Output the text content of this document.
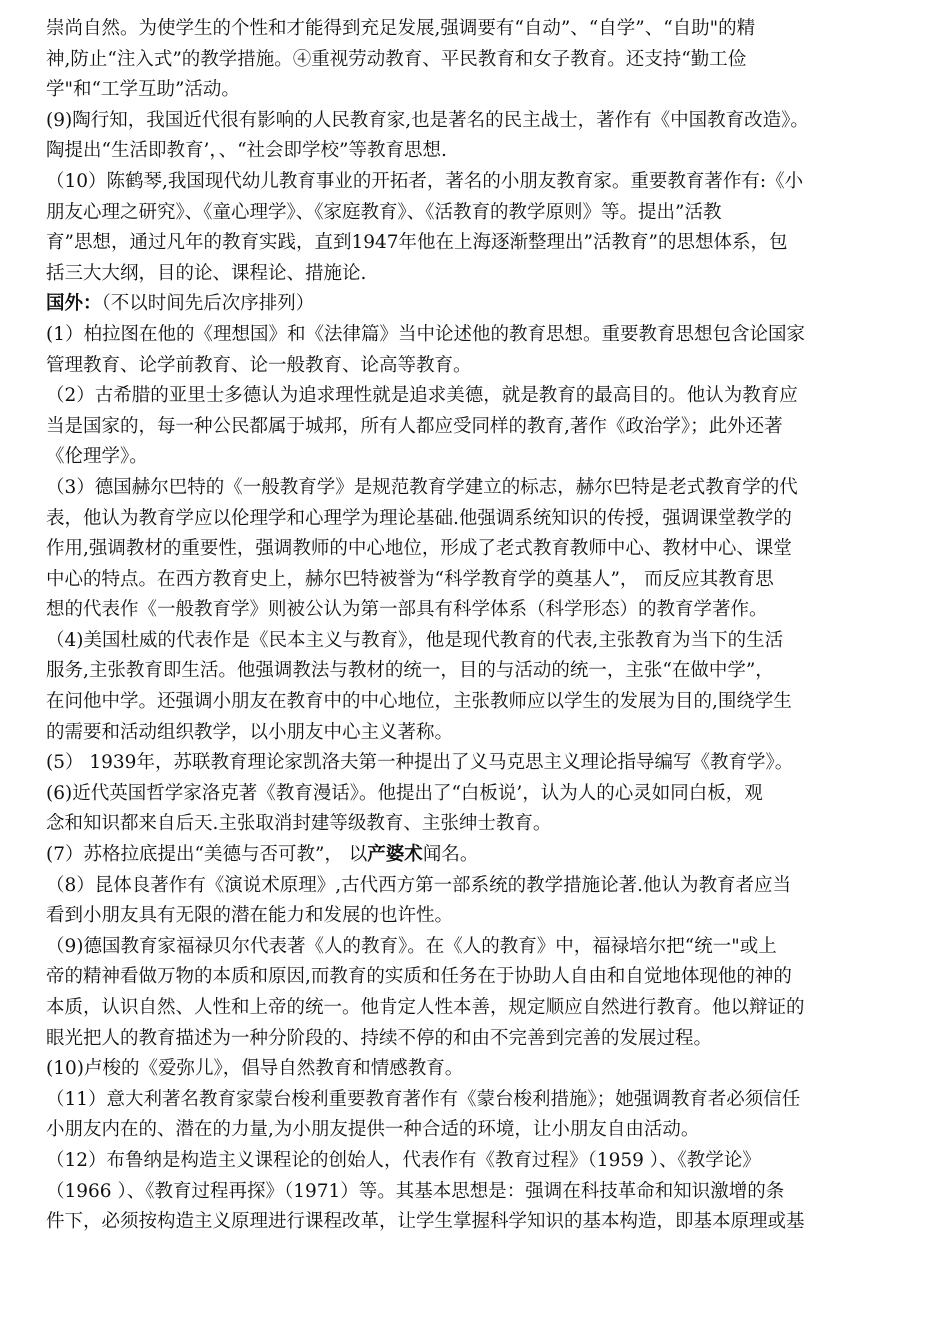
崇尚自然。为使学生的个性和才能得到充足发展,强调要有“自动”、“自学”、“自助"的精
神,防止“注入式”的教学措施。④重视劳动教育、平民教育和女子教育。还支持“勤工俭
学"和“工学互助”活动。
(9)陶行知，我国近代很有影响的人民教育家,也是著名的民主战士，著作有《中国教育改造》。
陶提出“生活即教育’，、“社会即学校”等教育思想.
（10）陈鹤琴,我国现代幼儿教育事业的开拓者，著名的小朋友教育家。重要教育著作有:《小
朋友心理之研究》、《童心理学》、《家庭教育》、《活教育的教学原则》等。提出”活教
育”思想，通过凡年的教育实践，直到1947年他在上海逐渐整理出”活教育”的思想体系，包
括三大大纲，目的论、课程论、措施论.
国外：（不以时间先后次序排列）
(1）柏拉图在他的《理想国》和《法律篇》当中论述他的教育思想。重要教育思想包含论国家
管理教育、论学前教育、论一般教育、论高等教育。
（2）古希腊的亚里士多德认为追求理性就是追求美德，就是教育的最高目的。他认为教育应
当是国家的，每一种公民都属于城邦，所有人都应受同样的教育,著作《政治学》；此外还著
《伦理学》。
（3）德国赫尔巴特的《一般教育学》是规范教育学建立的标志，赫尔巴特是老式教育学的代
表，他认为教育学应以伦理学和心理学为理论基础.他强调系统知识的传授，强调课堂教学的
作用,强调教材的重要性，强调教师的中心地位，形成了老式教育教师中心、教材中心、课堂
中心的特点。在西方教育史上，赫尔巴特被誉为“科学教育学的奠基人”， 而反应其教育思
想的代表作《一般教育学》则被公认为第一部具有科学体系（科学形态）的教育学著作。
（4)美国杜威的代表作是《民本主义与教育》，他是现代教育的代表,主张教育为当下的生活
服务,主张教育即生活。他强调教法与教材的统一，目的与活动的统一，主张“在做中学”，
在问他中学。还强调小朋友在教育中的中心地位，主张教师应以学生的发展为目的,围绕学生
的需要和活动组织教学，以小朋友中心主义著称。
(5） 1939年，苏联教育理论家凯洛夫第一种提出了义马克思主义理论指导编写《教育学》。
(6)近代英国哲学家洛克著《教育漫话》。他提出了“白板说’，认为人的心灵如同白板，观
念和知识都来自后天.主张取消封建等级教育、主张绅士教育。
(7）苏格拉底提出“美德与否可教”， 以产婆术闻名。
（8）昆体良著作有《演说术原理》,古代西方第一部系统的教学措施论著.他认为教育者应当
看到小朋友具有无限的潜在能力和发展的也许性。
（9)德国教育家福禄贝尔代表著《人的教育》。在《人的教育》中，福禄培尔把“统一"或上
帝的精神看做万物的本质和原因,而教育的实质和任务在于协助人自由和自觉地体现他的神的
本质，认识自然、人性和上帝的统一。他肯定人性本善，规定顺应自然进行教育。他以辩证的
眼光把人的教育描述为一种分阶段的、持续不停的和由不完善到完善的发展过程。
(10)卢梭的《爱弥儿》，倡导自然教育和情感教育。
（11）意大利著名教育家蒙台梭利重要教育著作有《蒙台梭利措施》；她强调教育者必须信任
小朋友内在的、潜在的力量,为小朋友提供一种合适的环境，让小朋友自由活动。
（12）布鲁纳是构造主义课程论的创始人，代表作有《教育过程》（1959 ）、《教学论》
（1966 ）、《教育过程再探》（1971）等。其基本思想是：强调在科技革命和知识激增的条
件下，必须按构造主义原理进行课程改革，让学生掌握科学知识的基本构造，即基本原理或基
